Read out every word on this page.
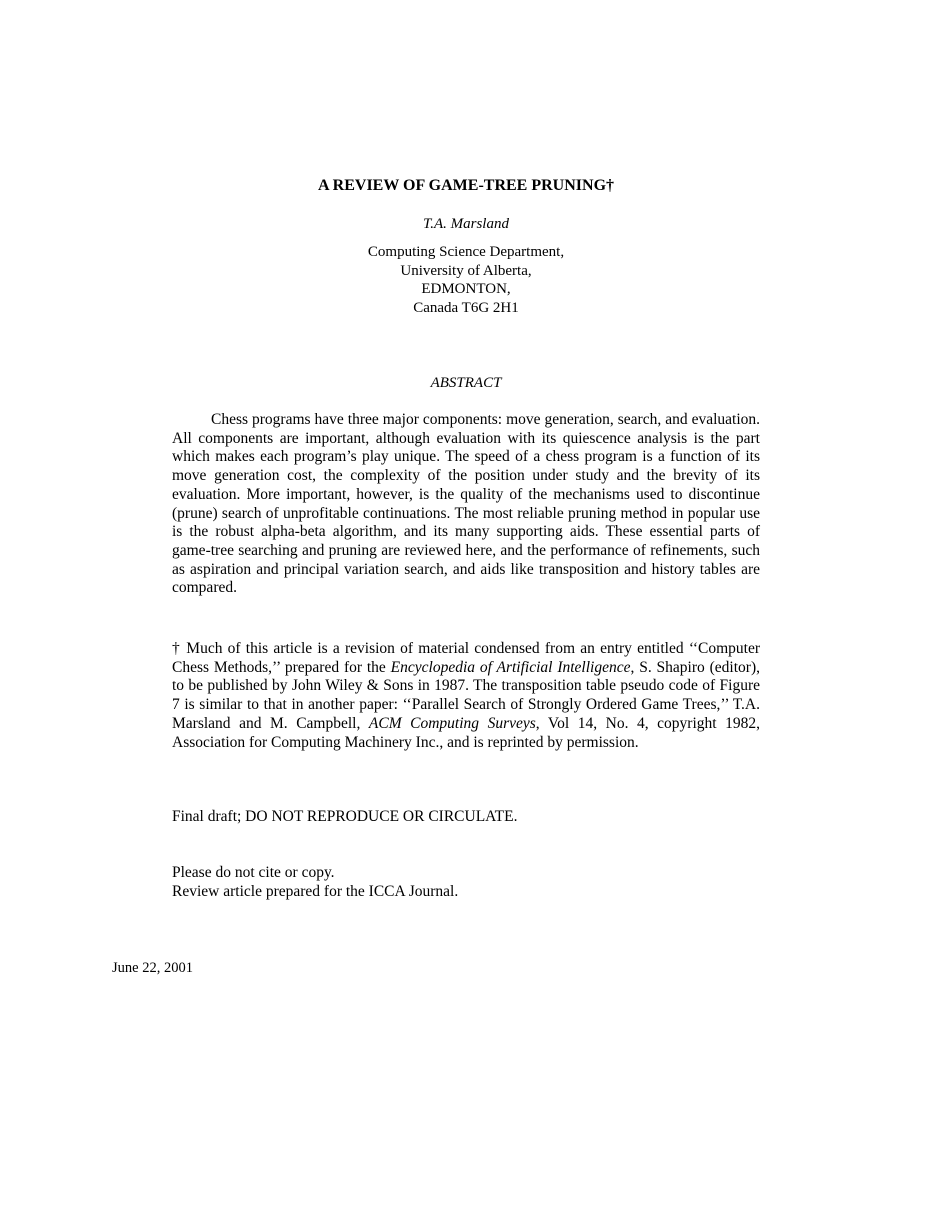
A REVIEW OF GAME-TREE PRUNING†
T.A. Marsland
Computing Science Department,
University of Alberta,
EDMONTON,
Canada T6G 2H1
ABSTRACT

Chess programs have three major components: move generation, search, and evaluation. All components are important, although evaluation with its quiescence analysis is the part which makes each program’s play unique. The speed of a chess program is a function of its move generation cost, the complexity of the position under study and the brevity of its evaluation. More important, however, is the quality of the mechanisms used to discontinue (prune) search of unprofitable continuations. The most reliable pruning method in popular use is the robust alpha-beta algorithm, and its many supporting aids. These essential parts of game-tree searching and pruning are reviewed here, and the performance of refinements, such as aspiration and principal variation search, and aids like transposition and history tables are compared.

† Much of this article is a revision of material condensed from an entry entitled ‘‘Computer Chess Methods,’’ prepared for the Encyclopedia of Artificial Intelligence, S. Shapiro (editor), to be published by John Wiley & Sons in 1987. The transposition table pseudo code of Figure 7 is similar to that in another paper: ‘‘Parallel Search of Strongly Ordered Game Trees,’’ T.A. Marsland and M. Campbell, ACM Computing Surveys, Vol 14, No. 4, copyright 1982, Association for Computing Machinery Inc., and is reprinted by permission.

Final draft; DO NOT REPRODUCE OR CIRCULATE.
Please do not cite or copy.
Review article prepared for the ICCA Journal.
June 22, 2001
